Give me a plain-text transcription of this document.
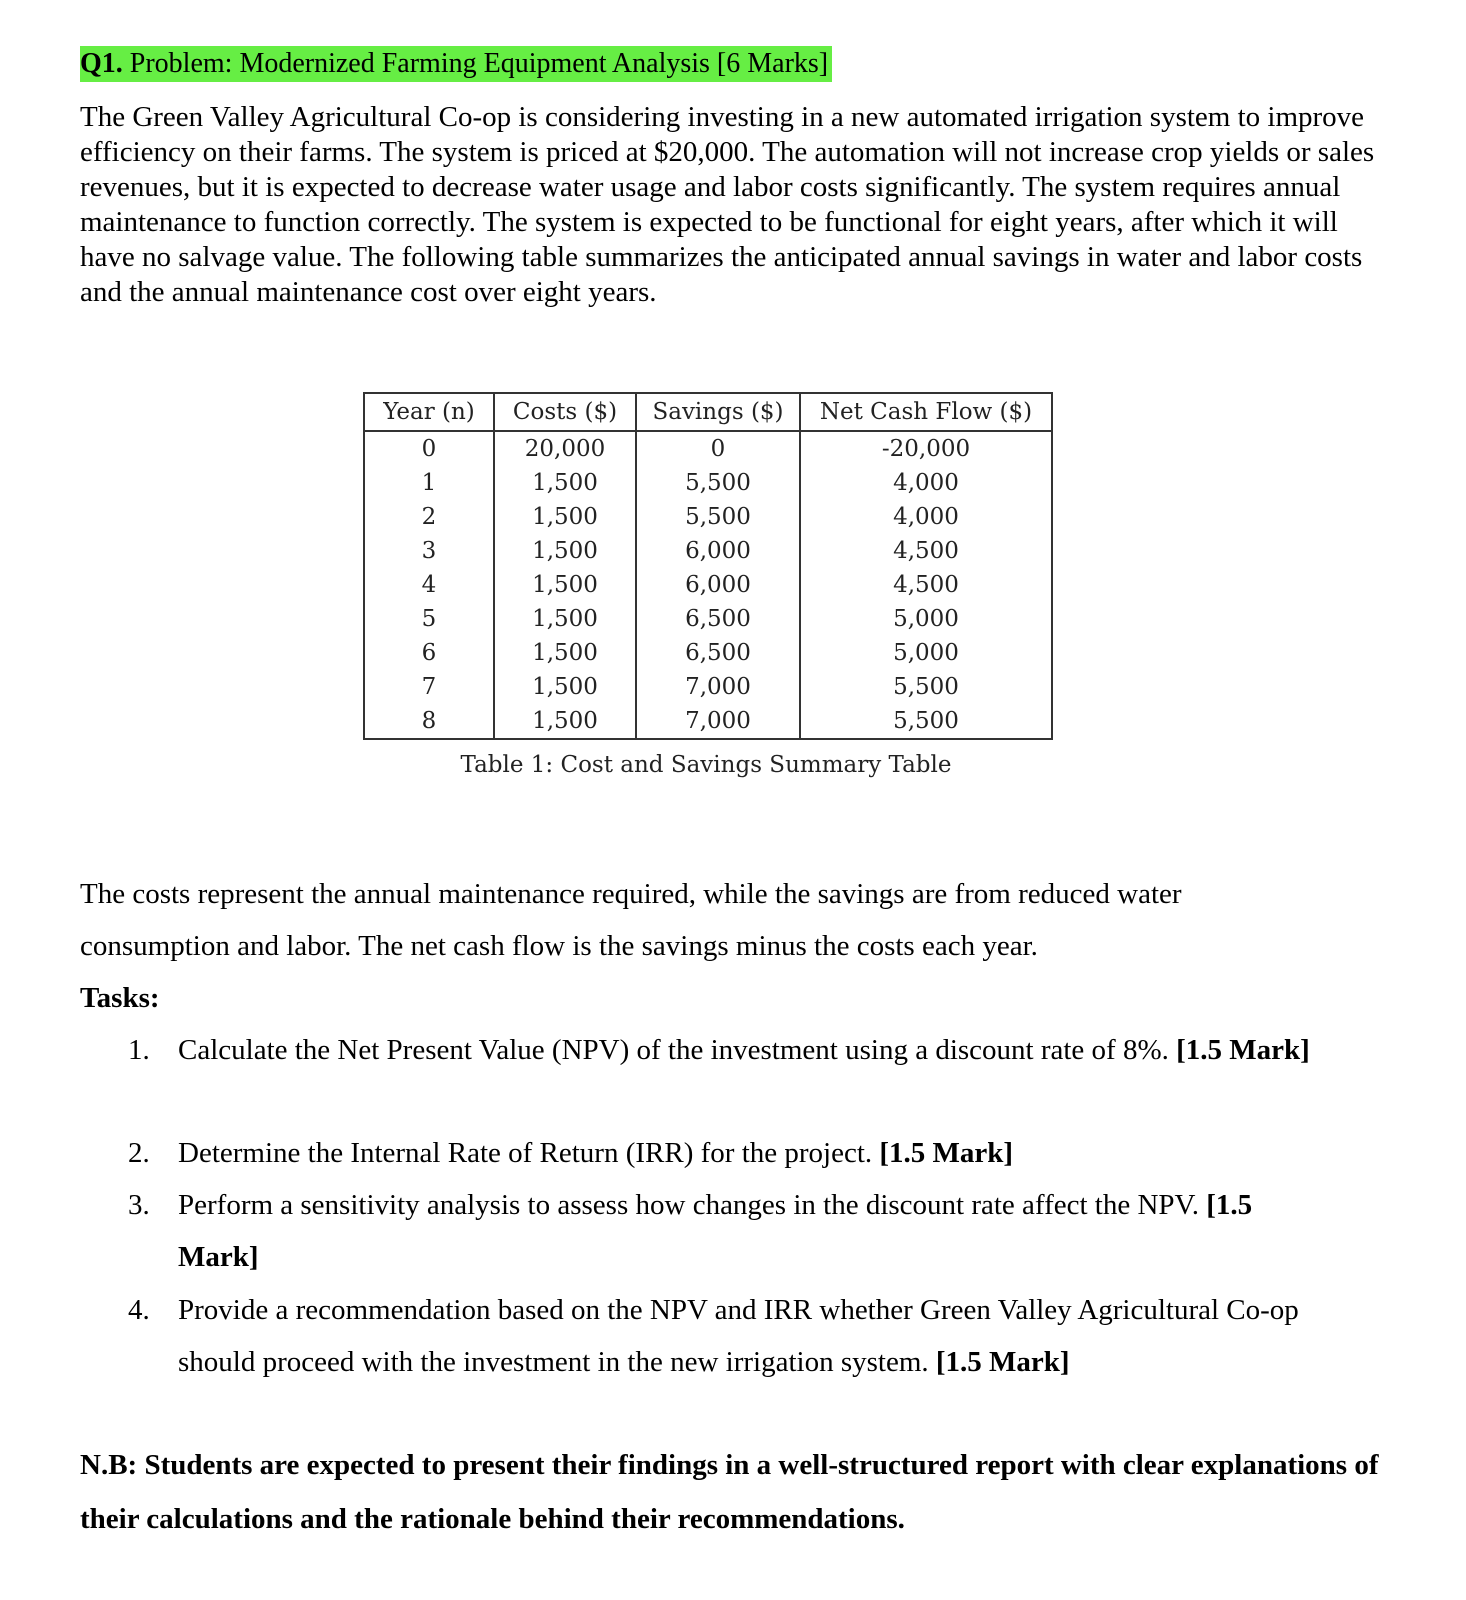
Q1. Problem: Modernized Farming Equipment Analysis [6 Marks]

The Green Valley Agricultural Co-op is considering investing in a new automated irrigation system to improve efficiency on their farms. The system is priced at $20,000. The automation will not increase crop yields or sales revenues, but it is expected to decrease water usage and labor costs significantly. The system requires annual maintenance to function correctly. The system is expected to be functional for eight years, after which it will have no salvage value. The following table summarizes the anticipated annual savings in water and labor costs and the annual maintenance cost over eight years.

Year (n)	Costs ($)	Savings ($)	Net Cash Flow ($)
0	20,000	0	-20,000
1	1,500	5,500	4,000
2	1,500	5,500	4,000
3	1,500	6,000	4,500
4	1,500	6,000	4,500
5	1,500	6,500	5,000
6	1,500	6,500	5,000
7	1,500	7,000	5,500
8	1,500	7,000	5,500
Table 1: Cost and Savings Summary Table

The costs represent the annual maintenance required, while the savings are from reduced water consumption and labor. The net cash flow is the savings minus the costs each year.

Tasks:
1. Calculate the Net Present Value (NPV) of the investment using a discount rate of 8%. [1.5 Mark]
2. Determine the Internal Rate of Return (IRR) for the project. [1.5 Mark]
3. Perform a sensitivity analysis to assess how changes in the discount rate affect the NPV. [1.5 Mark]
4. Provide a recommendation based on the NPV and IRR whether Green Valley Agricultural Co-op should proceed with the investment in the new irrigation system. [1.5 Mark]

N.B: Students are expected to present their findings in a well-structured report with clear explanations of their calculations and the rationale behind their recommendations.
